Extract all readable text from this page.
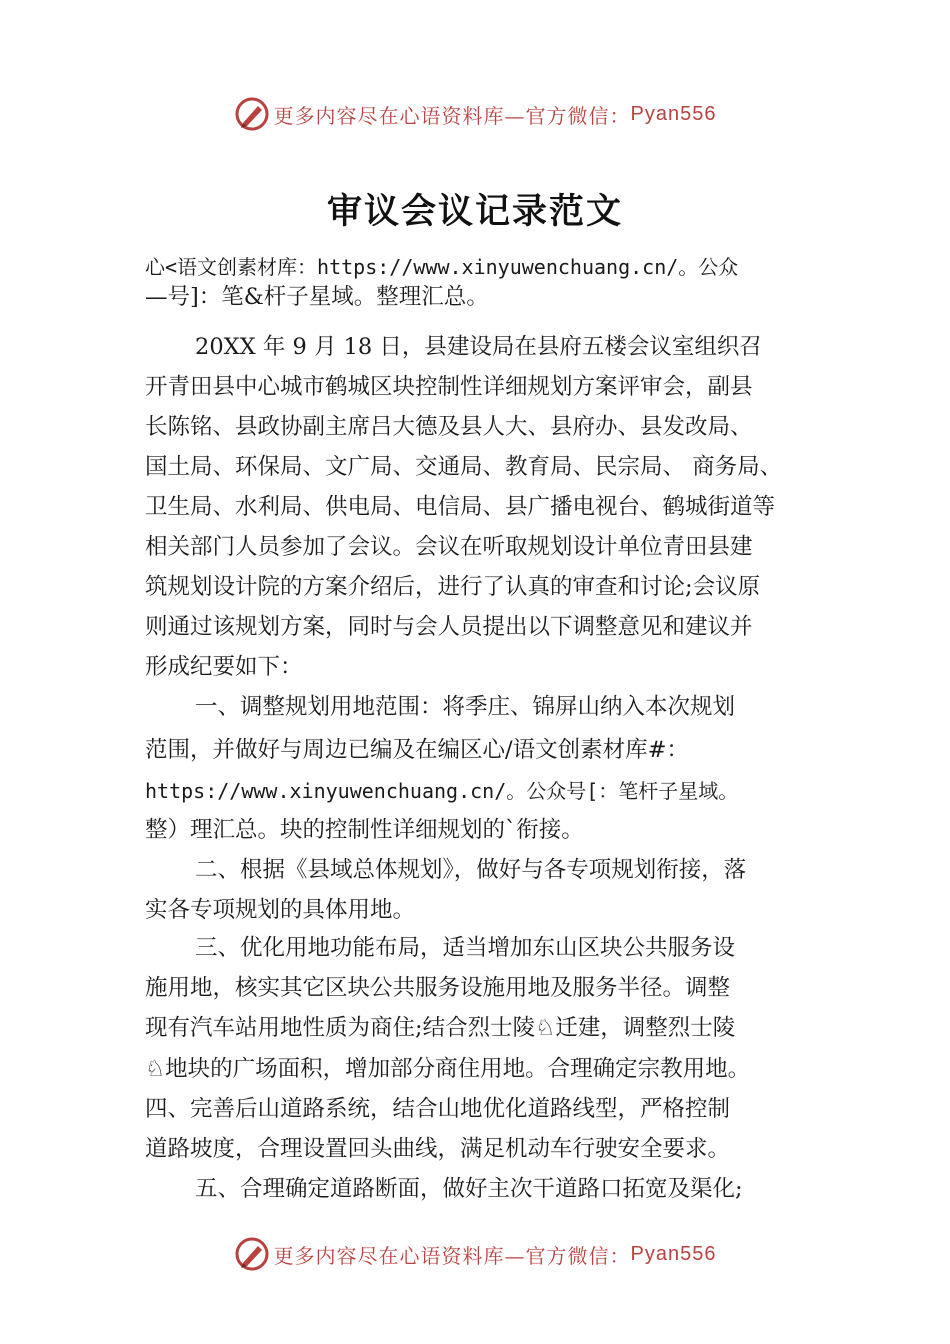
更多内容尽在心语资料库—官方微信： Pyan556
审议会议记录范文
心<语文创素材库：https://www.xinyuwenchuang.cn/。公众
—号]：笔&杆子星域。整理汇总。
20XX 年 9 月 18 日，县建设局在县府五楼会议室组织召
开青田县中心城市鹤城区块控制性详细规划方案评审会，副县
长陈铭、县政协副主席吕大德及县人大、县府办、县发改局、
国土局、环保局、文广局、交通局、教育局、民宗局、 商务局、
卫生局、水利局、供电局、电信局、县广播电视台、鹤城街道等
相关部门人员参加了会议。会议在听取规划设计单位青田县建
筑规划设计院的方案介绍后，进行了认真的审查和讨论;会议原
则通过该规划方案，同时与会人员提出以下调整意见和建议并
形成纪要如下：
一、调整规划用地范围：将季庄、锦屏山纳入本次规划
范围，并做好与周边已编及在编区心/语文创素材库#：
https://www.xinyuwenchuang.cn/。公众号[：笔杆子星域。
整）理汇总。块的控制性详细规划的`衔接。
二、根据《县域总体规划》，做好与各专项规划衔接，落
实各专项规划的具体用地。
三、优化用地功能布局，适当增加东山区块公共服务设
施用地，核实其它区块公共服务设施用地及服务半径。调整
现有汽车站用地性质为商住;结合烈士陵♘迁建，调整烈士陵
♘地块的广场面积，增加部分商住用地。合理确定宗教用地。
四、完善后山道路系统，结合山地优化道路线型，严格控制
道路坡度，合理设置回头曲线，满足机动车行驶安全要求。
五、合理确定道路断面，做好主次干道路口拓宽及渠化;
更多内容尽在心语资料库—官方微信： Pyan556
